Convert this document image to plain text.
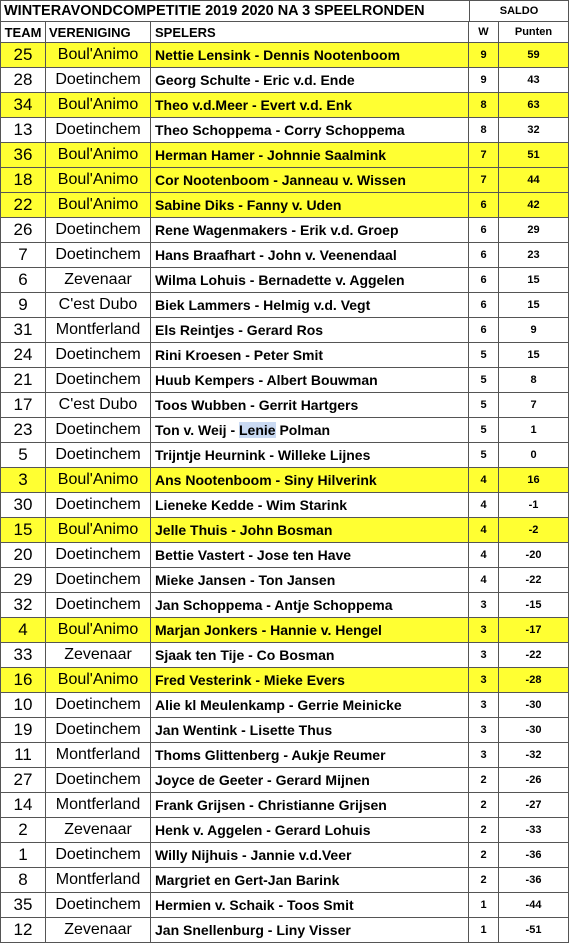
WINTERAVONDCOMPETITIE 2019 2020 NA 3 SPEELRONDEN	SALDO
TEAM VERENIGING	SPELERS	W	Punten
25	Boul'Animo	Nettie Lensink - Dennis Nootenboom	9	59
28	Doetinchem	Georg Schulte - Eric v.d. Ende	9	43
34	Boul'Animo	Theo v.d.Meer - Evert v.d. Enk	8	63
13	Doetinchem	Theo Schoppema - Corry Schoppema	8	32
36	Boul'Animo	Herman Hamer - Johnnie Saalmink	7	51
18	Boul'Animo	Cor Nootenboom - Janneau v. Wissen	7	44
22	Boul'Animo	Sabine Diks - Fanny v. Uden	6	42
26	Doetinchem	Rene Wagenmakers - Erik v.d. Groep	6	29
7	Doetinchem	Hans Braafhart - John v. Veenendaal	6	23
6	Zevenaar	Wilma Lohuis - Bernadette v. Aggelen	6	15
9	C'est Dubo	Biek Lammers - Helmig v.d. Vegt	6	15
31	Montferland	Els Reintjes - Gerard Ros	6	9
24	Doetinchem	Rini Kroesen - Peter Smit	5	15
21	Doetinchem	Huub Kempers - Albert Bouwman	5	8
17	C'est Dubo	Toos Wubben - Gerrit Hartgers	5	7
23	Doetinchem	Ton v. Weij - Lenie Polman	5	1
5	Doetinchem	Trijntje Heurnink - Willeke Lijnes	5	0
3	Boul'Animo	Ans Nootenboom - Siny Hilverink	4	16
30	Doetinchem	Lieneke Kedde - Wim Starink	4	-1
15	Boul'Animo	Jelle Thuis - John Bosman	4	-2
20	Doetinchem	Bettie Vastert - Jose ten Have	4	-20
29	Doetinchem	Mieke Jansen - Ton Jansen	4	-22
32	Doetinchem	Jan Schoppema - Antje Schoppema	3	-15
4	Boul'Animo	Marjan Jonkers - Hannie v. Hengel	3	-17
33	Zevenaar	Sjaak ten Tije - Co Bosman	3	-22
16	Boul'Animo	Fred Vesterink - Mieke Evers	3	-28
10	Doetinchem	Alie kl Meulenkamp - Gerrie Meinicke	3	-30
19	Doetinchem	Jan Wentink - Lisette Thus	3	-30
11	Montferland	Thoms Glittenberg - Aukje Reumer	3	-32
27	Doetinchem	Joyce de Geeter - Gerard Mijnen	2	-26
14	Montferland	Frank Grijsen - Christianne Grijsen	2	-27
2	Zevenaar	Henk v. Aggelen - Gerard Lohuis	2	-33
1	Doetinchem	Willy Nijhuis - Jannie v.d.Veer	2	-36
8	Montferland	Margriet en Gert-Jan Barink	2	-36
35	Doetinchem	Hermien v. Schaik - Toos Smit	1	-44
12	Zevenaar	Jan Snellenburg - Liny Visser	1	-51
